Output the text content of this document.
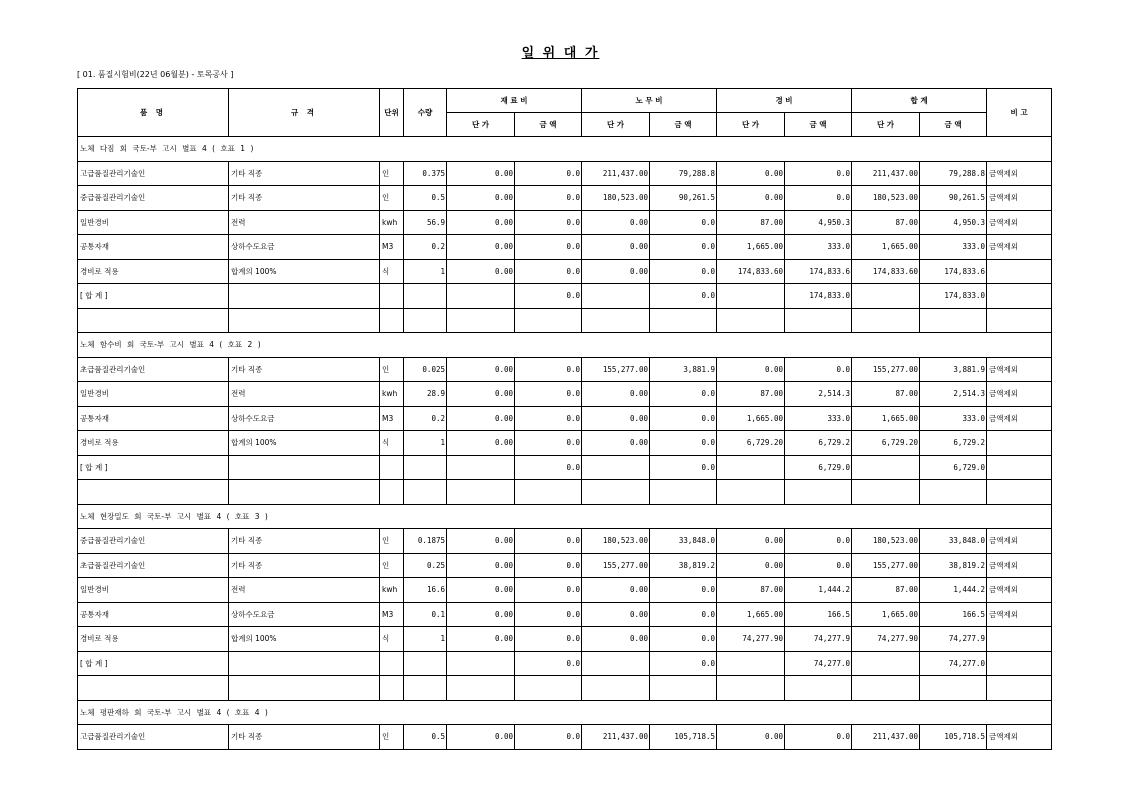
일 위 대 가
[ 01. 품질시험비(22년 06월분) - 토목공사 ]
품 명	규 격	단위	수량	재 료 비		노 무 비		경 비		합 계		비 고
				단 가	금 액	단 가	금 액	단 가	금 액	단 가	금 액	
노체 다짐 회 국토-부 고시 별표 4 ( 호표 1 )												
고급품질관리기술인	기타 직종	인	0.375	0.00	0.0	211,437.00	79,288.8	0.00	0.0	211,437.00	79,288.8	금액제외
중급품질관리기술인	기타 직종	인	0.5	0.00	0.0	180,523.00	90,261.5	0.00	0.0	180,523.00	90,261.5	금액제외
일반경비	전력	kwh	56.9	0.00	0.0	0.00	0.0	87.00	4,950.3	87.00	4,950.3	금액제외
공통자재	상하수도요금	M3	0.2	0.00	0.0	0.00	0.0	1,665.00	333.0	1,665.00	333.0	금액제외
경비로 적용	합계의 100%	식	1	0.00	0.0	0.00	0.0	174,833.60	174,833.6	174,833.60	174,833.6	
[ 합 계 ]					0.0		0.0		174,833.0		174,833.0	

노체 함수비 회 국토-부 고시 별표 4 ( 호표 2 )												
초급품질관리기술인	기타 직종	인	0.025	0.00	0.0	155,277.00	3,881.9	0.00	0.0	155,277.00	3,881.9	금액제외
일반경비	전력	kwh	28.9	0.00	0.0	0.00	0.0	87.00	2,514.3	87.00	2,514.3	금액제외
공통자재	상하수도요금	M3	0.2	0.00	0.0	0.00	0.0	1,665.00	333.0	1,665.00	333.0	금액제외
경비로 적용	합계의 100%	식	1	0.00	0.0	0.00	0.0	6,729.20	6,729.2	6,729.20	6,729.2	
[ 합 계 ]					0.0		0.0		6,729.0		6,729.0	

노체 현장밀도 회 국토-부 고시 별표 4 ( 호표 3 )												
중급품질관리기술인	기타 직종	인	0.1875	0.00	0.0	180,523.00	33,848.0	0.00	0.0	180,523.00	33,848.0	금액제외
초급품질관리기술인	기타 직종	인	0.25	0.00	0.0	155,277.00	38,819.2	0.00	0.0	155,277.00	38,819.2	금액제외
일반경비	전력	kwh	16.6	0.00	0.0	0.00	0.0	87.00	1,444.2	87.00	1,444.2	금액제외
공통자재	상하수도요금	M3	0.1	0.00	0.0	0.00	0.0	1,665.00	166.5	1,665.00	166.5	금액제외
경비로 적용	합계의 100%	식	1	0.00	0.0	0.00	0.0	74,277.90	74,277.9	74,277.90	74,277.9	
[ 합 계 ]					0.0		0.0		74,277.0		74,277.0	

노체 평판재하 회 국토-부 고시 별표 4 ( 호표 4 )												
고급품질관리기술인	기타 직종	인	0.5	0.00	0.0	211,437.00	105,718.5	0.00	0.0	211,437.00	105,718.5	금액제외
